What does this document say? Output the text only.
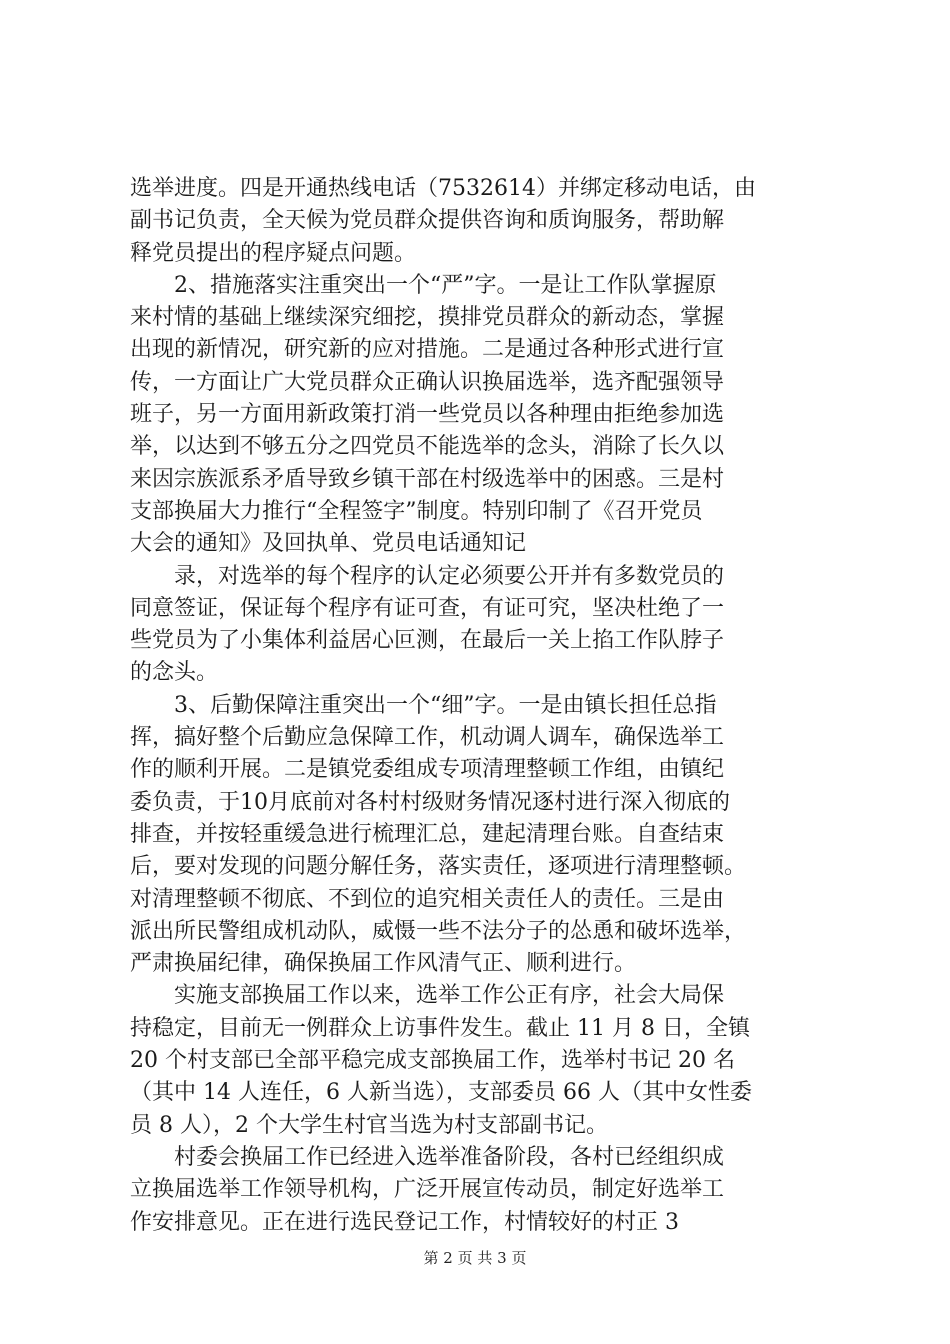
选举进度。四是开通热线电话（7532614）并绑定移动电话，由
副书记负责，全天候为党员群众提供咨询和质询服务，帮助解
释党员提出的程序疑点问题。
　　2、措施落实注重突出一个“严”字。一是让工作队掌握原
来村情的基础上继续深究细挖，摸排党员群众的新动态，掌握
出现的新情况，研究新的应对措施。二是通过各种形式进行宣
传，一方面让广大党员群众正确认识换届选举，选齐配强领导
班子，另一方面用新政策打消一些党员以各种理由拒绝参加选
举，以达到不够五分之四党员不能选举的念头，消除了长久以
来因宗族派系矛盾导致乡镇干部在村级选举中的困惑。三是村
支部换届大力推行“全程签字”制度。特别印制了《召开党员
大会的通知》及回执单、党员电话通知记
　　录，对选举的每个程序的认定必须要公开并有多数党员的
同意签证，保证每个程序有证可查，有证可究，坚决杜绝了一
些党员为了小集体利益居心叵测，在最后一关上掐工作队脖子
的念头。
　　3、后勤保障注重突出一个“细”字。一是由镇长担任总指
挥，搞好整个后勤应急保障工作，机动调人调车，确保选举工
作的顺利开展。二是镇党委组成专项清理整顿工作组，由镇纪
委负责，于10月底前对各村村级财务情况逐村进行深入彻底的
排查，并按轻重缓急进行梳理汇总，建起清理台账。自查结束
后，要对发现的问题分解任务，落实责任，逐项进行清理整顿。
对清理整顿不彻底、不到位的追究相关责任人的责任。三是由
派出所民警组成机动队，威慑一些不法分子的怂恿和破坏选举，
严肃换届纪律，确保换届工作风清气正、顺利进行。
　　实施支部换届工作以来，选举工作公正有序，社会大局保
持稳定，目前无一例群众上访事件发生。截止 11 月 8 日，全镇
20 个村支部已全部平稳完成支部换届工作，选举村书记 20 名
（其中 14 人连任，6 人新当选），支部委员 66 人（其中女性委
员 8 人），2 个大学生村官当选为村支部副书记。
　　村委会换届工作已经进入选举准备阶段，各村已经组织成
立换届选举工作领导机构，广泛开展宣传动员，制定好选举工
作安排意见。正在进行选民登记工作，村情较好的村正 3
第 2 页 共 3 页
